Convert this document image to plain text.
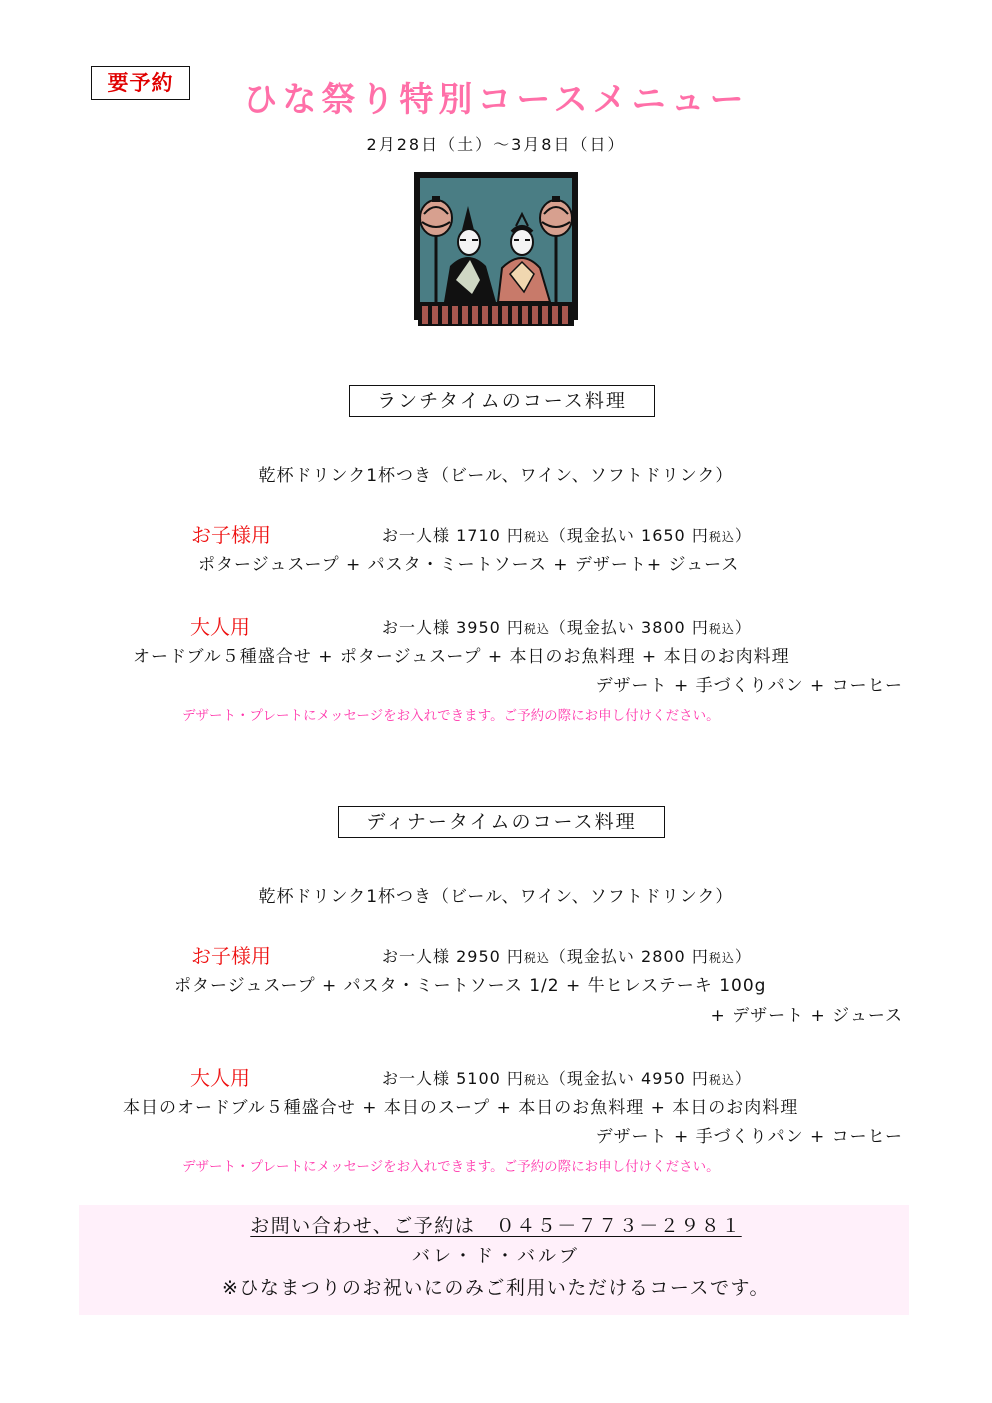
要予約	ひな祭り特別コースメニュー
2月28日（土）〜3月8日（日）
ランチタイムのコース料理
乾杯ドリンク1杯つき（ビール、ワイン、ソフトドリンク）
お子様用	お一人様 1710 円税込（現金払い 1650 円税込）
ポタージュスープ + パスタ・ミートソース + デザート+ ジュース
大人用	お一人様 3950 円税込（現金払い 3800 円税込）
オードブル５種盛合せ + ポタージュスープ + 本日のお魚料理 + 本日のお肉料理
デザート + 手づくりパン + コーヒー
デザート・プレートにメッセージをお入れできます。ご予約の際にお申し付けください。
ディナータイムのコース料理
乾杯ドリンク1杯つき（ビール、ワイン、ソフトドリンク）
お子様用	お一人様 2950 円税込（現金払い 2800 円税込）
ポタージュスープ + パスタ・ミートソース 1/2 + 牛ヒレステーキ 100g
+ デザート + ジュース
大人用	お一人様 5100 円税込（現金払い 4950 円税込）
本日のオードブル５種盛合せ + 本日のスープ + 本日のお魚料理 + 本日のお肉料理
デザート + 手づくりパン + コーヒー
デザート・プレートにメッセージをお入れできます。ご予約の際にお申し付けください。
お問い合わせ、ご予約は　０４５－７７３－２９８１
バレ・ド・バルブ
※ひなまつりのお祝いにのみご利用いただけるコースです。
